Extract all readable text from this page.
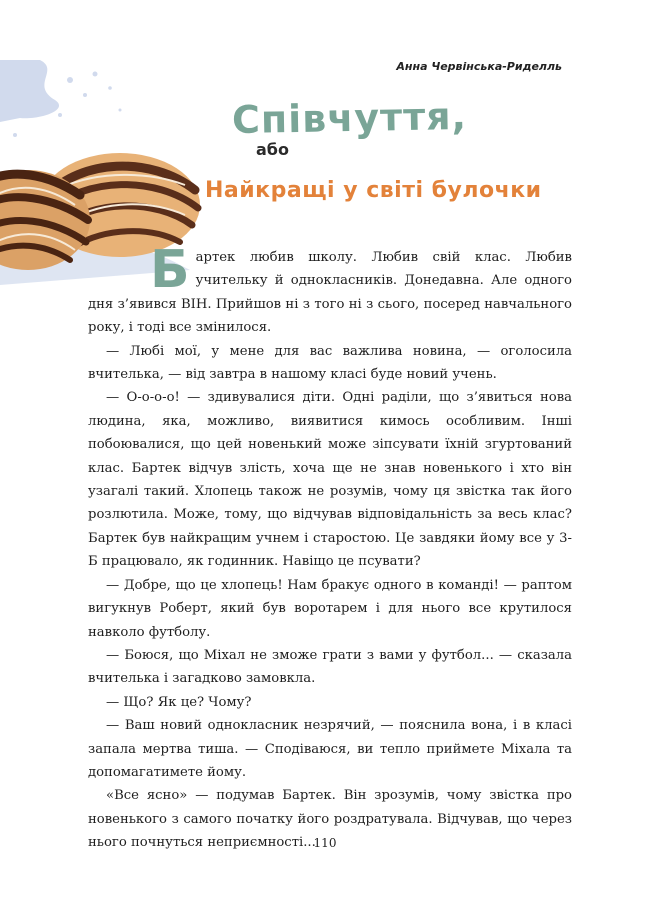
Анна Червінська-Риделль
Співчуття,
або
Найкращі у світі булочки

Б артек любив школу. Любив свій клас. Любив учительку й однокласників. Донедавна. Але одного дня з’явився ВІН. Прийшов ні з того ні з сього, посеред навчального року, і тоді все змінилося.

— Любі мої, у мене для вас важлива новина, — оголосила вчителька, — від завтра в нашому класі буде новий учень.

— О-о-о-о! — здивувалися діти. Одні раділи, що з’явиться нова людина, яка, можливо, виявитися кимось особливим. Інші побоювалися, що цей новенький може зіпсувати їхній згуртований клас. Бартек відчув злість, хоча ще не знав новенького і хто він узагалі такий. Хлопець також не розумів, чому ця звістка так його розлютила. Може, тому, що відчував відповідальність за весь клас? Бартек був найкращим учнем і старостою. Це завдяки йому все у 3-Б працювало, як годинник. Навіщо це псувати?

— Добре, що це хлопець! Нам бракує одного в команді! — раптом вигукнув Роберт, який був воротарем і для нього все крутилося навколо футболу.

— Боюся, що Міхал не зможе грати з вами у футбол... — сказала вчителька і загадково замовкла.

— Що? Як це? Чому?

— Ваш новий однокласник незрячий, — пояснила вона, і в класі запала мертва тиша. — Сподіваюся, ви тепло приймете Міхала та допомагатимете йому.

«Все ясно» — подумав Бартек. Він зрозумів, чому звістка про новенького з самого початку його роздратувала. Відчував, що через нього почнуться неприємності...

110
